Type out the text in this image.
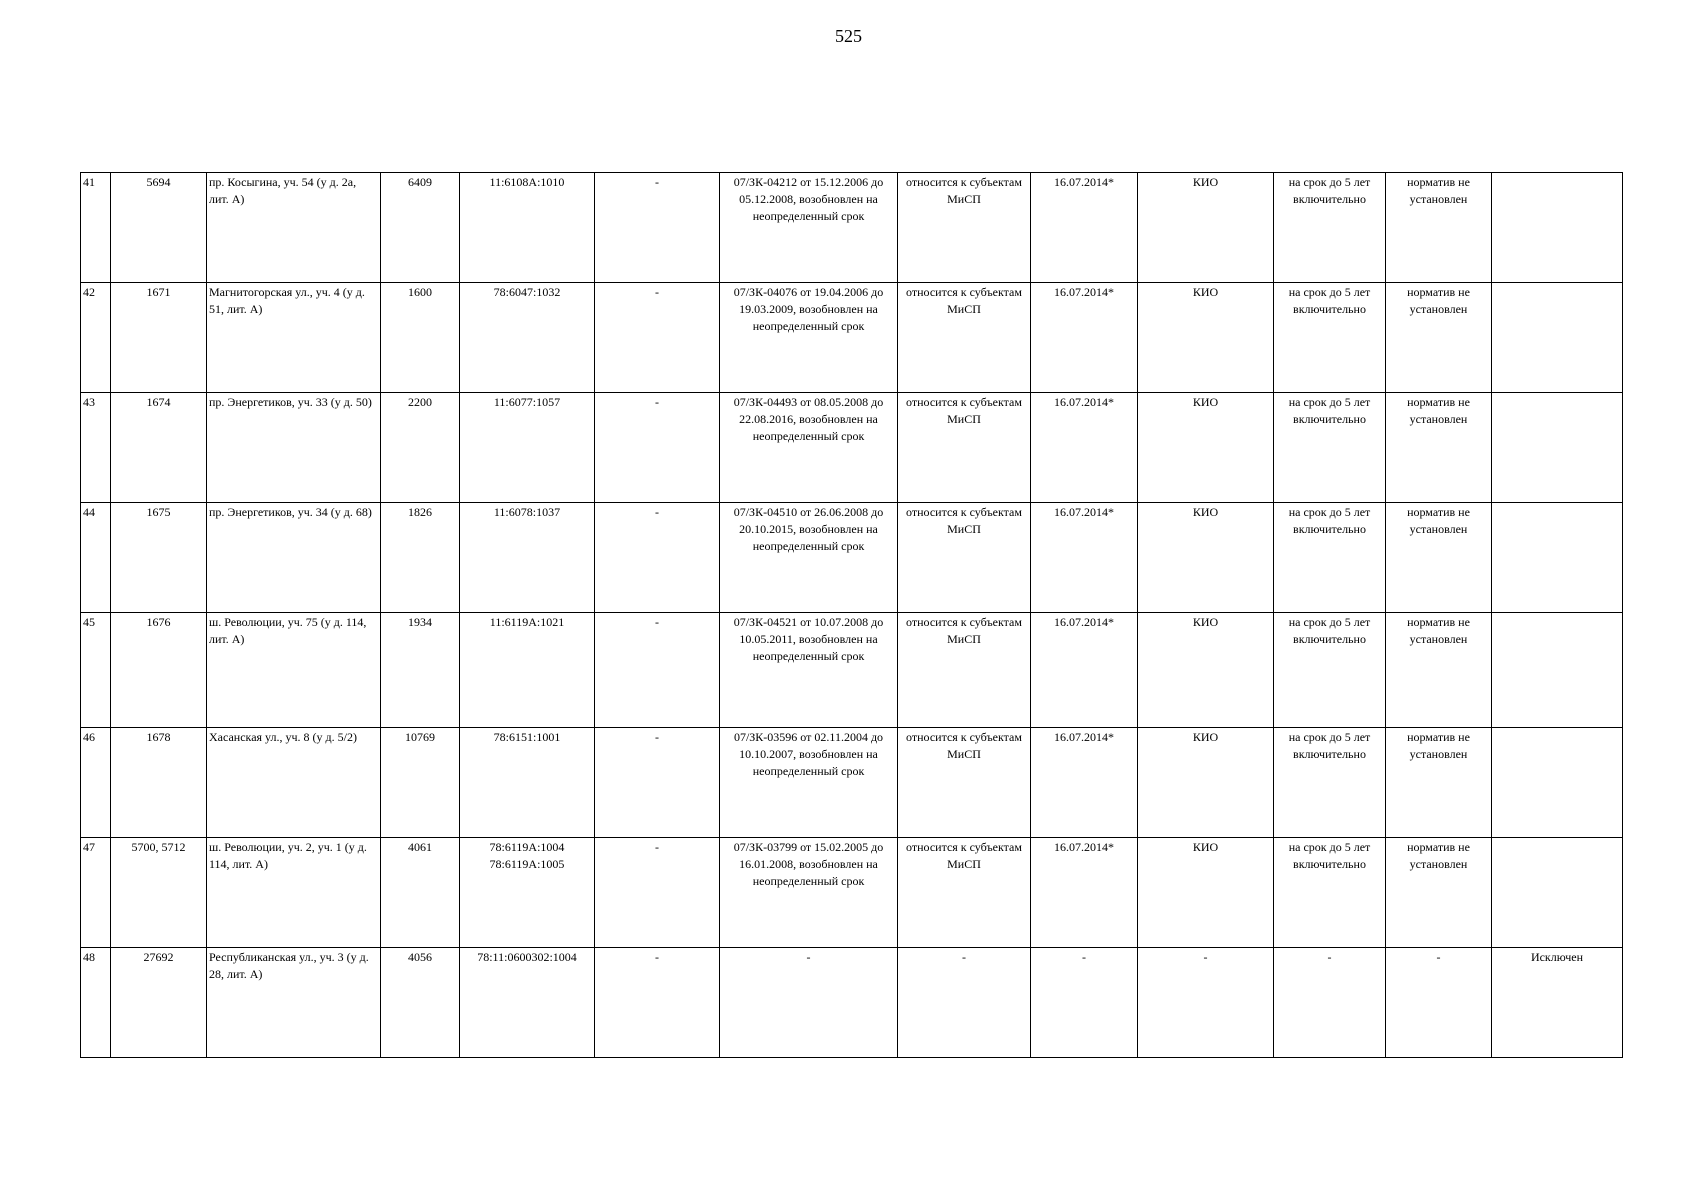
525
41	5694	пр. Косыгина, уч. 54 (у д. 2а, лит. А)	6409	11:6108А:1010	-	07/ЗК-04212 от 15.12.2006 до 05.12.2008, возобновлен на неопределенный срок	относится к субъектам МиСП	16.07.2014*	КИО	на срок до 5 лет включительно	норматив не установлен	
42	1671	Магнитогорская ул., уч. 4 (у д. 51, лит. А)	1600	78:6047:1032	-	07/ЗК-04076 от 19.04.2006 до 19.03.2009, возобновлен на неопределенный срок	относится к субъектам МиСП	16.07.2014*	КИО	на срок до 5 лет включительно	норматив не установлен	
43	1674	пр. Энергетиков, уч. 33 (у д. 50)	2200	11:6077:1057	-	07/ЗК-04493 от 08.05.2008 до 22.08.2016, возобновлен на неопределенный срок	относится к субъектам МиСП	16.07.2014*	КИО	на срок до 5 лет включительно	норматив не установлен	
44	1675	пр. Энергетиков, уч. 34 (у д. 68)	1826	11:6078:1037	-	07/ЗК-04510 от 26.06.2008 до 20.10.2015, возобновлен на неопределенный срок	относится к субъектам МиСП	16.07.2014*	КИО	на срок до 5 лет включительно	норматив не установлен	
45	1676	ш. Революции, уч. 75 (у д. 114, лит. А)	1934	11:6119А:1021	-	07/ЗК-04521 от 10.07.2008 до 10.05.2011, возобновлен на неопределенный срок	относится к субъектам МиСП	16.07.2014*	КИО	на срок до 5 лет включительно	норматив не установлен	
46	1678	Хасанская ул., уч. 8 (у д. 5/2)	10769	78:6151:1001	-	07/ЗК-03596 от 02.11.2004 до 10.10.2007, возобновлен на неопределенный срок	относится к субъектам МиСП	16.07.2014*	КИО	на срок до 5 лет включительно	норматив не установлен	
47	5700, 5712	ш. Революции, уч. 2, уч. 1 (у д. 114, лит. А)	4061	78:6119А:1004 78:6119А:1005	-	07/ЗК-03799 от 15.02.2005 до 16.01.2008, возобновлен на неопределенный срок	относится к субъектам МиСП	16.07.2014*	КИО	на срок до 5 лет включительно	норматив не установлен	
48	27692	Республиканская ул., уч. 3 (у д. 28, лит. А)	4056	78:11:0600302:1004	-	-	-	-	-	-	-	Исключен
